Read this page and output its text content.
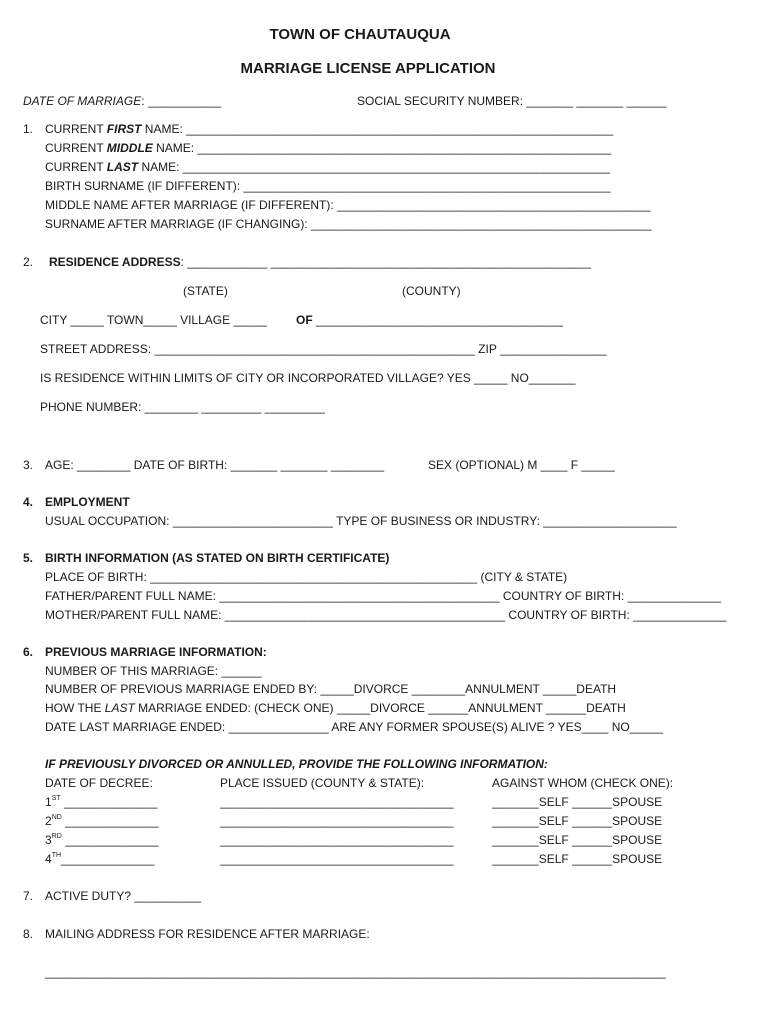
TOWN OF CHAUTAUQUA
MARRIAGE LICENSE APPLICATION
DATE OF MARRIAGE: ___________	SOCIAL SECURITY NUMBER: _______ _______ ______
1. CURRENT FIRST NAME: ________________________________________________________________
CURRENT MIDDLE NAME: ______________________________________________________________
CURRENT LAST NAME: ________________________________________________________________
BIRTH SURNAME (IF DIFFERENT): _______________________________________________________
MIDDLE NAME AFTER MARRIAGE (IF DIFFERENT): _______________________________________________
SURNAME AFTER MARRIAGE (IF CHANGING): ___________________________________________________
2. RESIDENCE ADDRESS: ____________ ________________________________________________
(STATE)	(COUNTY)
CITY _____ TOWN_____ VILLAGE _____ OF _____________________________________
STREET ADDRESS: ________________________________________________ ZIP ________________
IS RESIDENCE WITHIN LIMITS OF CITY OR INCORPORATED VILLAGE? YES _____ NO_______
PHONE NUMBER: ________ _________ _________
3. AGE: ________ DATE OF BIRTH: _______ _______ ________	SEX (OPTIONAL) M ____ F _____
4. EMPLOYMENT
USUAL OCCUPATION: ________________________ TYPE OF BUSINESS OR INDUSTRY: ____________________
5. BIRTH INFORMATION (AS STATED ON BIRTH CERTIFICATE)
PLACE OF BIRTH: _________________________________________________ (CITY & STATE)
FATHER/PARENT FULL NAME: __________________________________________ COUNTRY OF BIRTH: ______________
MOTHER/PARENT FULL NAME: __________________________________________ COUNTRY OF BIRTH: ______________
6. PREVIOUS MARRIAGE INFORMATION:
NUMBER OF THIS MARRIAGE: ______
NUMBER OF PREVIOUS MARRIAGE ENDED BY: _____DIVORCE ________ANNULMENT _____DEATH
HOW THE LAST MARRIAGE ENDED: (CHECK ONE) _____DIVORCE ______ANNULMENT ______DEATH
DATE LAST MARRIAGE ENDED: _______________ ARE ANY FORMER SPOUSE(S) ALIVE ? YES____ NO_____
IF PREVIOUSLY DIVORCED OR ANNULLED, PROVIDE THE FOLLOWING INFORMATION:
DATE OF DECREE:	PLACE ISSUED (COUNTY & STATE):	AGAINST WHOM (CHECK ONE):
1ST ______________	___________________________________	_______SELF ______SPOUSE
2ND ______________	___________________________________	_______SELF ______SPOUSE
3RD ______________	___________________________________	_______SELF ______SPOUSE
4TH______________	___________________________________	_______SELF ______SPOUSE
7. ACTIVE DUTY? __________
8. MAILING ADDRESS FOR RESIDENCE AFTER MARRIAGE:
_____________________________________________________________________________________________
